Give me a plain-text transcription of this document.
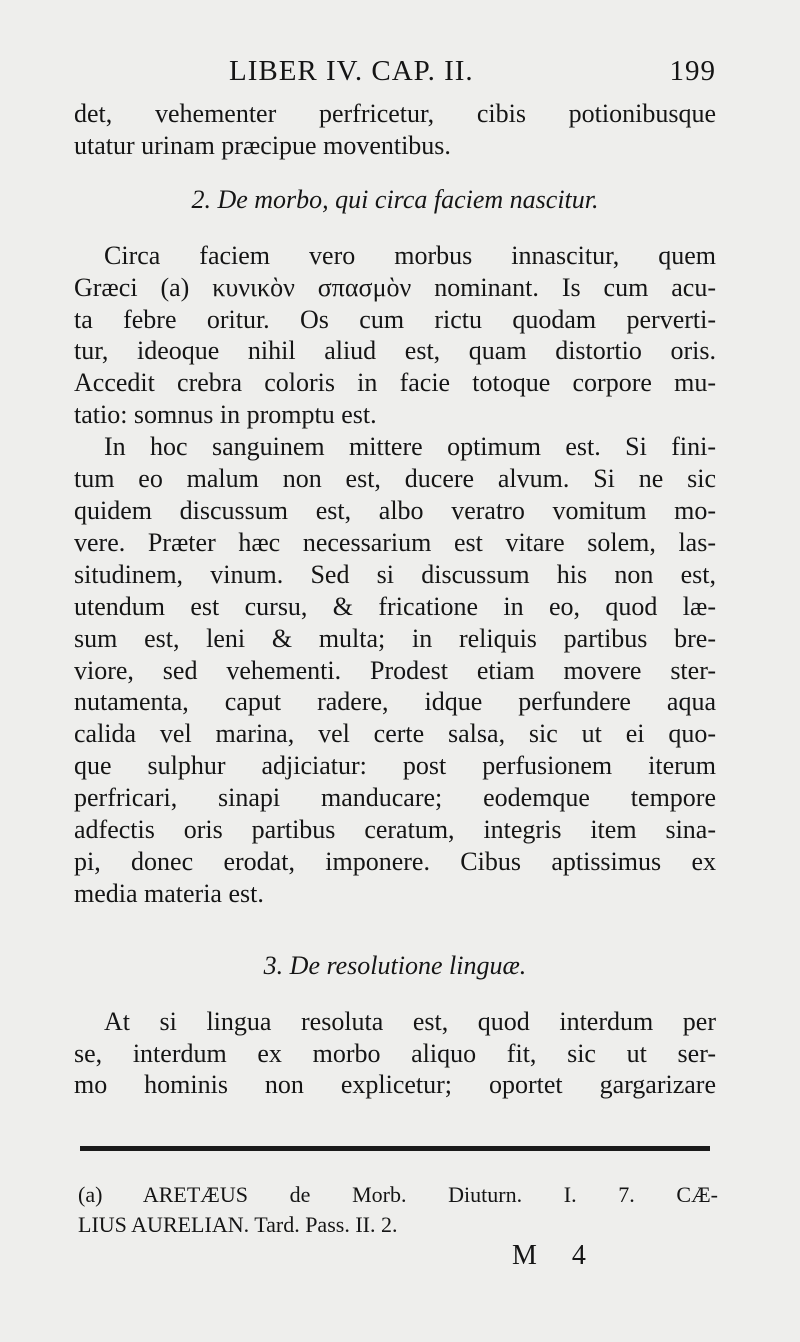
LIBER IV. CAP. II.	199
det, vehementer perfricetur, cibis potionibusque
utatur urinam præcipue moventibus.
2. De morbo, qui circa faciem nascitur.
Circa faciem vero morbus innascitur, quem
Græci (a) κυνικὸν σπασμὸν nominant. Is cum acu-
ta febre oritur. Os cum rictu quodam perverti-
tur, ideoque nihil aliud est, quam distortio oris.
Accedit crebra coloris in facie totoque corpore mu-
tatio: somnus in promptu est.
In hoc sanguinem mittere optimum est. Si fini-
tum eo malum non est, ducere alvum. Si ne sic
quidem discussum est, albo veratro vomitum mo-
vere. Præter hæc necessarium est vitare solem, las-
situdinem, vinum. Sed si discussum his non est,
utendum est cursu, & fricatione in eo, quod læ-
sum est, leni & multa; in reliquis partibus bre-
viore, sed vehementi. Prodest etiam movere ster-
nutamenta, caput radere, idque perfundere aqua
calida vel marina, vel certe salsa, sic ut ei quo-
que sulphur adjiciatur: post perfusionem iterum
perfricari, sinapi manducare; eodemque tempore
adfectis oris partibus ceratum, integris item sina-
pi, donec erodat, imponere. Cibus aptissimus ex
media materia est.
3. De resolutione linguæ.
At si lingua resoluta est, quod interdum per
se, interdum ex morbo aliquo fit, sic ut ser-
mo hominis non explicetur; oportet gargarizare
(a) ARETÆUS de Morb. Diuturn. I. 7. CÆ-
LIUS AURELIAN. Tard. Pass. II. 2.
M 4
